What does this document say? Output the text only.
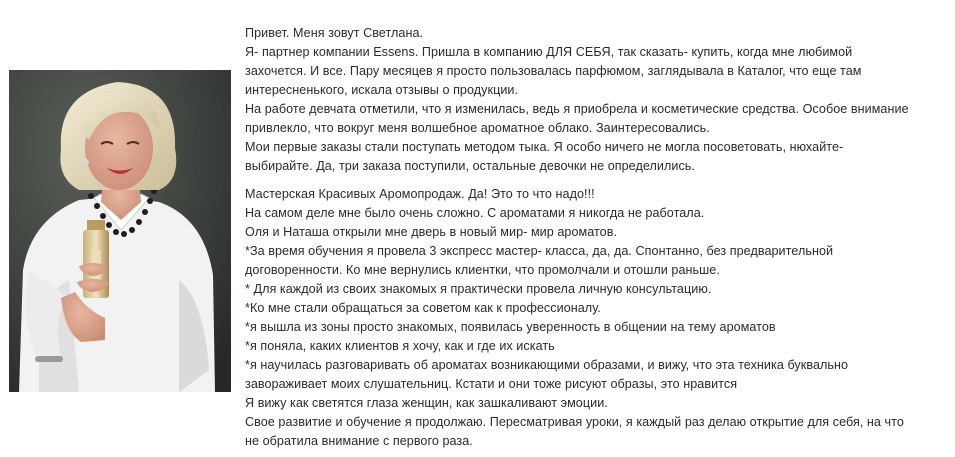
Привет. Меня зовут Светлана.

Я- партнер компании Essens. Пришла в компанию ДЛЯ СЕБЯ, так сказать- купить, когда мне любимой

захочется. И все. Пару месяцев я просто пользовалась парфюмом, заглядывала в Каталог, что еще там

интересненького, искала отзывы о продукции.

На работе девчата отметили, что я изменилась, ведь я приобрела и косметические средства. Особое внимание

привлекло, что вокруг меня волшебное ароматное облако. Заинтересовались.

Мои первые заказы стали поступать методом тыка. Я особо ничего не могла посоветовать, нюхайте-

выбирайте. Да, три заказа поступили, остальные девочки не определились.

Мастерская Красивых Аромопродаж. Да! Это то что надо!!!

На самом деле мне было очень сложно. С ароматами я никогда не работала.

Оля и Наташа открыли мне дверь в новый мир- мир ароматов.

*За время обучения я провела 3 экспресс мастер- класса, да, да. Спонтанно, без предварительной

договоренности. Ко мне вернулись клиентки, что промолчали и отошли раньше.

* Для каждой из своих знакомых я практически провела личную консультацию.

*Ко мне стали обращаться за советом как к профессионалу.

*я вышла из зоны просто знакомых, появилась уверенность в общении на тему ароматов

*я поняла, каких клиентов я хочу, как и где их искать

*я научилась разговаривать об ароматах возникающими образами, и вижу, что эта техника буквально

завораживает моих слушательниц. Кстати и они тоже рисуют образы, это нравится

Я вижу как светятся глаза женщин, как зашкаливают эмоции.

Свое развитие и обучение я продолжаю. Пересматривая уроки, я каждый раз делаю открытие для себя, на что

не обратила внимание с первого раза.
